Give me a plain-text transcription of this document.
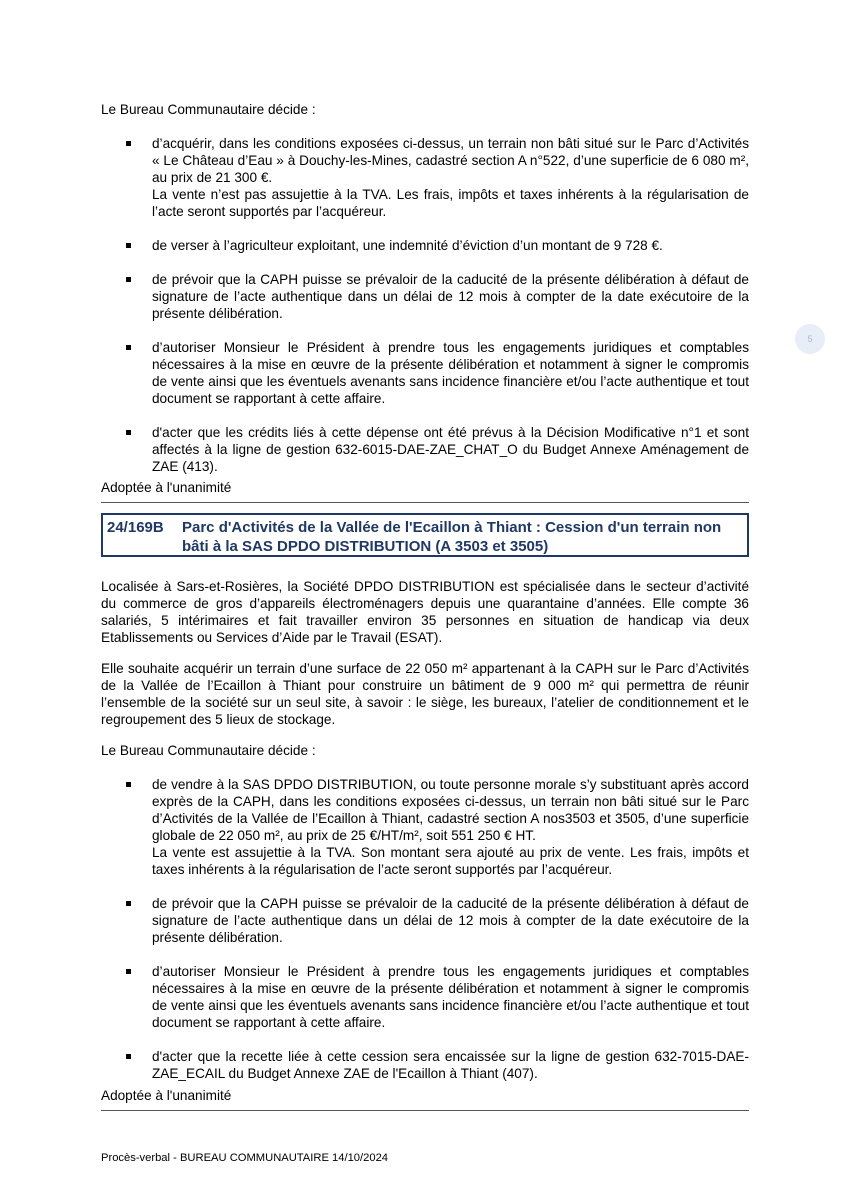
Le Bureau Communautaire décide :

d’acquérir, dans les conditions exposées ci-dessus, un terrain non bâti situé sur le Parc d’Activités « Le Château d’Eau » à Douchy-les-Mines, cadastré section A n°522, d’une superficie de 6 080 m², au prix de 21 300 €.
La vente n’est pas assujettie à la TVA. Les frais, impôts et taxes inhérents à la régularisation de l’acte seront supportés par l’acquéreur.
de verser à l’agriculteur exploitant, une indemnité d’éviction d’un montant de 9 728 €.
de prévoir que la CAPH puisse se prévaloir de la caducité de la présente délibération à défaut de signature de l’acte authentique dans un délai de 12 mois à compter de la date exécutoire de la présente délibération.
d’autoriser Monsieur le Président à prendre tous les engagements juridiques et comptables nécessaires à la mise en œuvre de la présente délibération et notamment à signer le compromis de vente ainsi que les éventuels avenants sans incidence financière et/ou l’acte authentique et tout document se rapportant à cette affaire.
d'acter que les crédits liés à cette dépense ont été prévus à la Décision Modificative n°1 et sont affectés à la ligne de gestion 632-6015-DAE-ZAE_CHAT_O du Budget Annexe Aménagement de ZAE (413).

Adoptée à l'unanimité

24/169B Parc d'Activités de la Vallée de l'Ecaillon à Thiant : Cession d'un terrain non bâti à la SAS DPDO DISTRIBUTION (A 3503 et 3505)

Localisée à Sars-et-Rosières, la Société DPDO DISTRIBUTION est spécialisée dans le secteur d’activité du commerce de gros d’appareils électroménagers depuis une quarantaine d’années. Elle compte 36 salariés, 5 intérimaires et fait travailler environ 35 personnes en situation de handicap via deux Etablissements ou Services d’Aide par le Travail (ESAT).

Elle souhaite acquérir un terrain d’une surface de 22 050 m² appartenant à la CAPH sur le Parc d’Activités de la Vallée de l’Ecaillon à Thiant pour construire un bâtiment de 9 000 m² qui permettra de réunir l’ensemble de la société sur un seul site, à savoir : le siège, les bureaux, l’atelier de conditionnement et le regroupement des 5 lieux de stockage.

Le Bureau Communautaire décide :

de vendre à la SAS DPDO DISTRIBUTION, ou toute personne morale s’y substituant après accord exprès de la CAPH, dans les conditions exposées ci-dessus, un terrain non bâti situé sur le Parc d’Activités de la Vallée de l’Ecaillon à Thiant, cadastré section A nos3503 et 3505, d’une superficie globale de 22 050 m², au prix de 25 €/HT/m², soit 551 250 € HT.
La vente est assujettie à la TVA. Son montant sera ajouté au prix de vente. Les frais, impôts et taxes inhérents à la régularisation de l’acte seront supportés par l’acquéreur.
de prévoir que la CAPH puisse se prévaloir de la caducité de la présente délibération à défaut de signature de l’acte authentique dans un délai de 12 mois à compter de la date exécutoire de la présente délibération.
d’autoriser Monsieur le Président à prendre tous les engagements juridiques et comptables nécessaires à la mise en œuvre de la présente délibération et notamment à signer le compromis de vente ainsi que les éventuels avenants sans incidence financière et/ou l’acte authentique et tout document se rapportant à cette affaire.
d'acter que la recette liée à cette cession sera encaissée sur la ligne de gestion 632-7015-DAE-ZAE_ECAIL du Budget Annexe ZAE de l'Ecaillon à Thiant (407).

Adoptée à l'unanimité

5
Procès-verbal - BUREAU COMMUNAUTAIRE 14/10/2024
